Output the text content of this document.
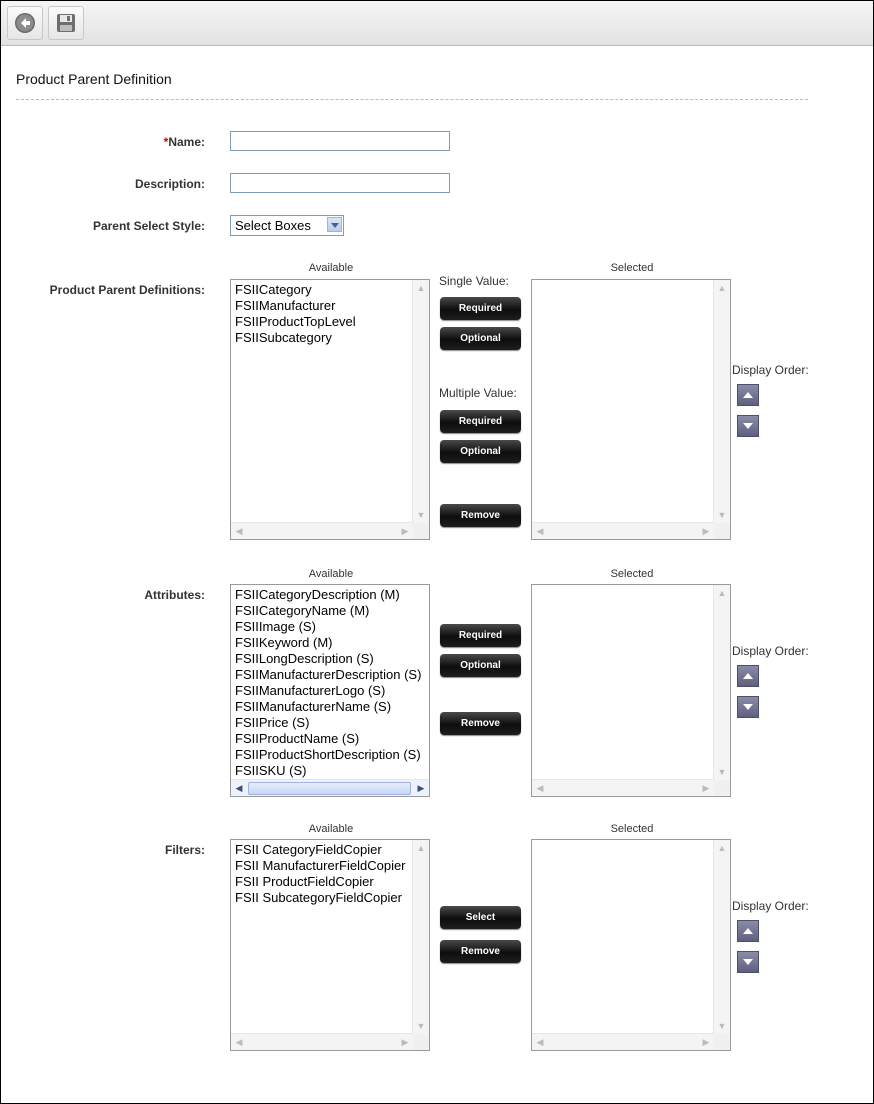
Product Parent Definition
*Name:
Description:
Parent Select Style: Select Boxes
Available	Selected
Product Parent Definitions: FSIICategory
FSIIManufacturer
FSIIProductTopLevel
FSIISubcategory
▲
▼
◀	▶
Single Value:
Required
Optional
Multiple Value:
Required
Optional
Remove
▲
▼
◀	▶
Display Order:
Available	Selected
Attributes: FSIICategoryDescription (M)
FSIICategoryName (M)
FSIIImage (S)
FSIIKeyword (M)
FSIILongDescription (S)
FSIIManufacturerDescription (S)
FSIIManufacturerLogo (S)
FSIIManufacturerName (S)
FSIIPrice (S)
FSIIProductName (S)
FSIIProductShortDescription (S)
FSIISKU (S)
◀	▶
Required
Optional
Remove
▲
▼
◀	▶
Display Order:
Available	Selected
Filters: FSII CategoryFieldCopier
FSII ManufacturerFieldCopier
FSII ProductFieldCopier
FSII SubcategoryFieldCopier
▲
▼
◀	▶
Select
Remove
▲
▼
◀	▶
Display Order:
